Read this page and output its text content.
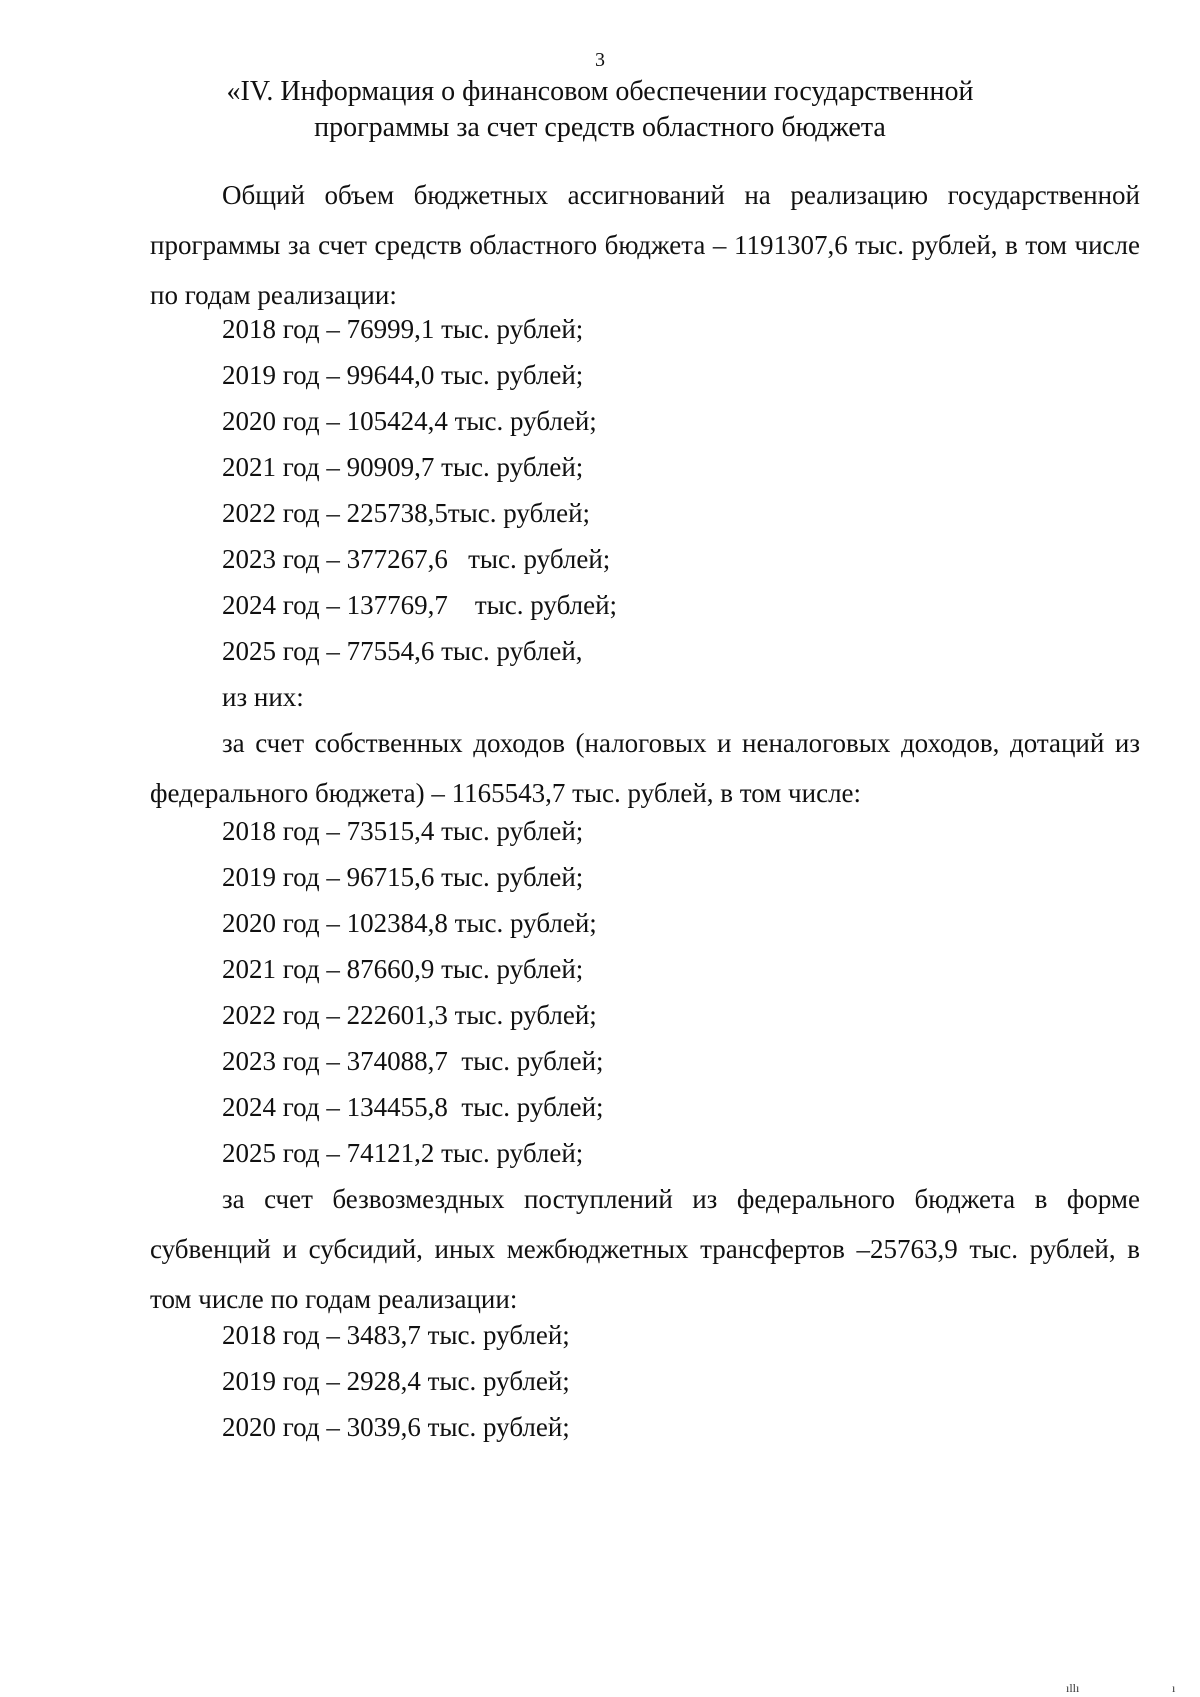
3
«IV. Информация о финансовом обеспечении государственной
программы за счет средств областного бюджета
Общий объем бюджетных ассигнований на реализацию государственной программы за счет средств областного бюджета – 1191307,6 тыс. рублей, в том числе по годам реализации:
2018 год – 76999,1 тыс. рублей;
2019 год – 99644,0 тыс. рублей;
2020 год – 105424,4 тыс. рублей;
2021 год – 90909,7 тыс. рублей;
2022 год – 225738,5тыс. рублей;
2023 год – 377267,6   тыс. рублей;
2024 год – 137769,7    тыс. рублей;
2025 год – 77554,6 тыс. рублей,
из них:
за счет собственных доходов (налоговых и неналоговых доходов, дотаций из федерального бюджета) – 1165543,7 тыс. рублей, в том числе:
2018 год – 73515,4 тыс. рублей;
2019 год – 96715,6 тыс. рублей;
2020 год – 102384,8 тыс. рублей;
2021 год – 87660,9 тыс. рублей;
2022 год – 222601,3 тыс. рублей;
2023 год – 374088,7  тыс. рублей;
2024 год – 134455,8  тыс. рублей;
2025 год – 74121,2 тыс. рублей;
за счет безвозмездных поступлений из федерального бюджета в форме субвенций и субсидий, иных межбюджетных трансфертов –25763,9 тыс. рублей, в том числе по годам реализации:
2018 год – 3483,7 тыс. рублей;
2019 год – 2928,4 тыс. рублей;
2020 год – 3039,6 тыс. рублей;
ıllı	ı
